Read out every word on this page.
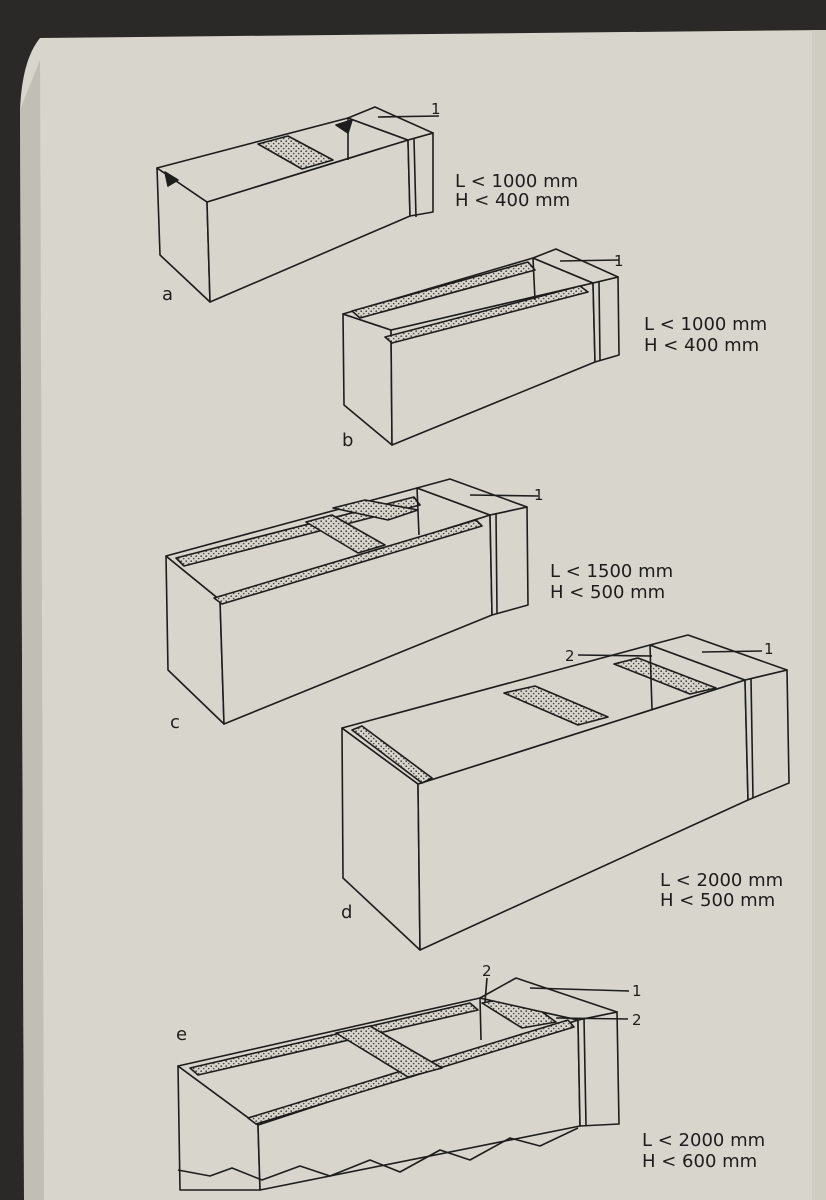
1
L < 1000 mm
H < 400 mm
a
1
L < 1000 mm
H < 400 mm
b
1
L < 1500 mm
H < 500 mm
c
1
2
L < 2000 mm
H < 500 mm
d
1
2
2
L < 2000 mm
H < 600 mm
e
